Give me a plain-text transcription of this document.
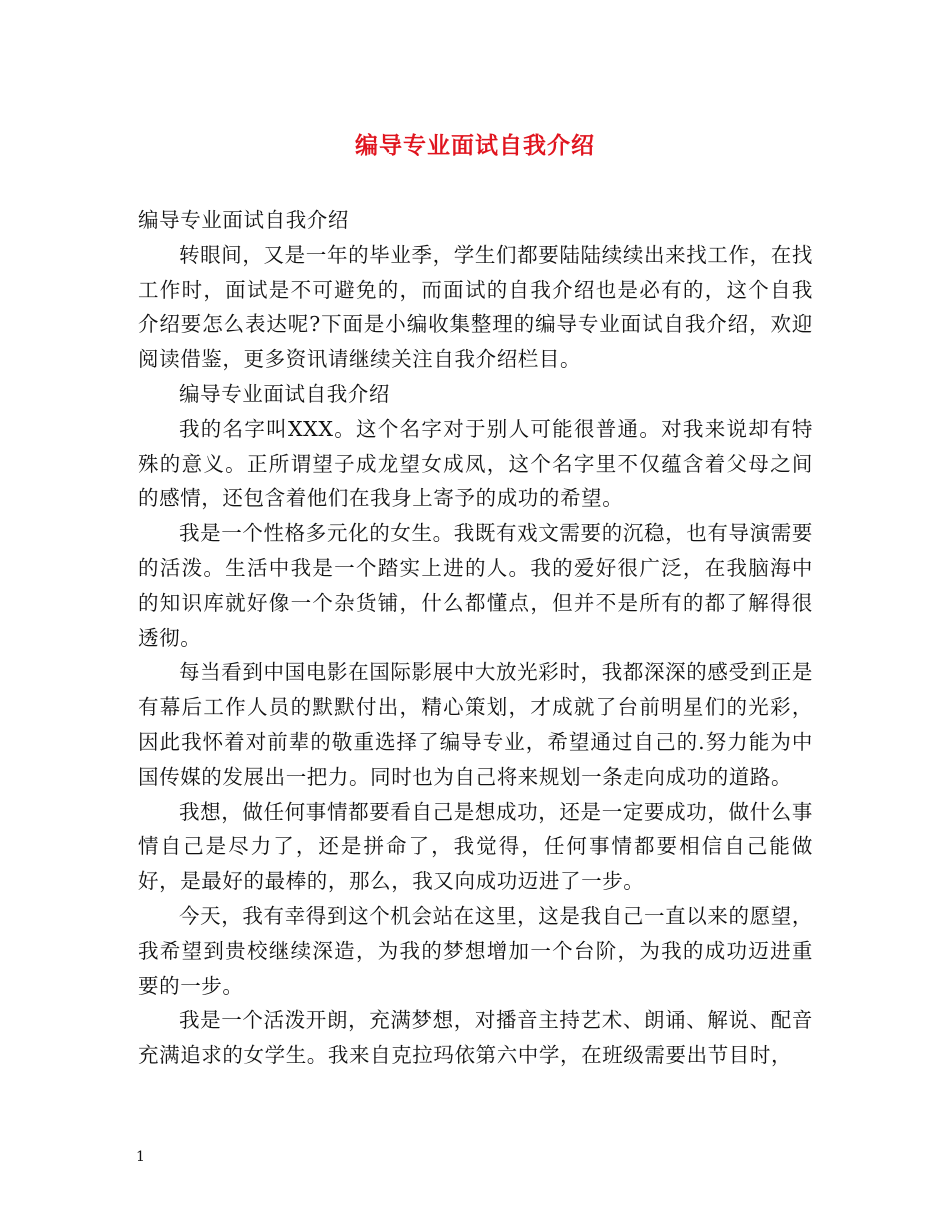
编导专业面试自我介绍

编导专业面试自我介绍

转眼间，又是一年的毕业季，学生们都要陆陆续续出来找工作，在找工作时，面试是不可避免的，而面试的自我介绍也是必有的，这个自我介绍要怎么表达呢?下面是小编收集整理的编导专业面试自我介绍，欢迎阅读借鉴，更多资讯请继续关注自我介绍栏目。

编导专业面试自我介绍

我的名字叫XXX。这个名字对于别人可能很普通。对我来说却有特殊的意义。正所谓望子成龙望女成凤，这个名字里不仅蕴含着父母之间的感情，还包含着他们在我身上寄予的成功的希望。

我是一个性格多元化的女生。我既有戏文需要的沉稳，也有导演需要的活泼。生活中我是一个踏实上进的人。我的爱好很广泛，在我脑海中的知识库就好像一个杂货铺，什么都懂点，但并不是所有的都了解得很透彻。

每当看到中国电影在国际影展中大放光彩时，我都深深的感受到正是有幕后工作人员的默默付出，精心策划，才成就了台前明星们的光彩，因此我怀着对前辈的敬重选择了编导专业，希望通过自己的.努力能为中国传媒的发展出一把力。同时也为自己将来规划一条走向成功的道路。

我想，做任何事情都要看自己是想成功，还是一定要成功，做什么事情自己是尽力了，还是拼命了，我觉得，任何事情都要相信自己能做好，是最好的最棒的，那么，我又向成功迈进了一步。

今天，我有幸得到这个机会站在这里，这是我自己一直以来的愿望，我希望到贵校继续深造，为我的梦想增加一个台阶，为我的成功迈进重要的一步。

我是一个活泼开朗，充满梦想，对播音主持艺术、朗诵、解说、配音充满追求的女学生。我来自克拉玛依第六中学，在班级需要出节目时，

1
